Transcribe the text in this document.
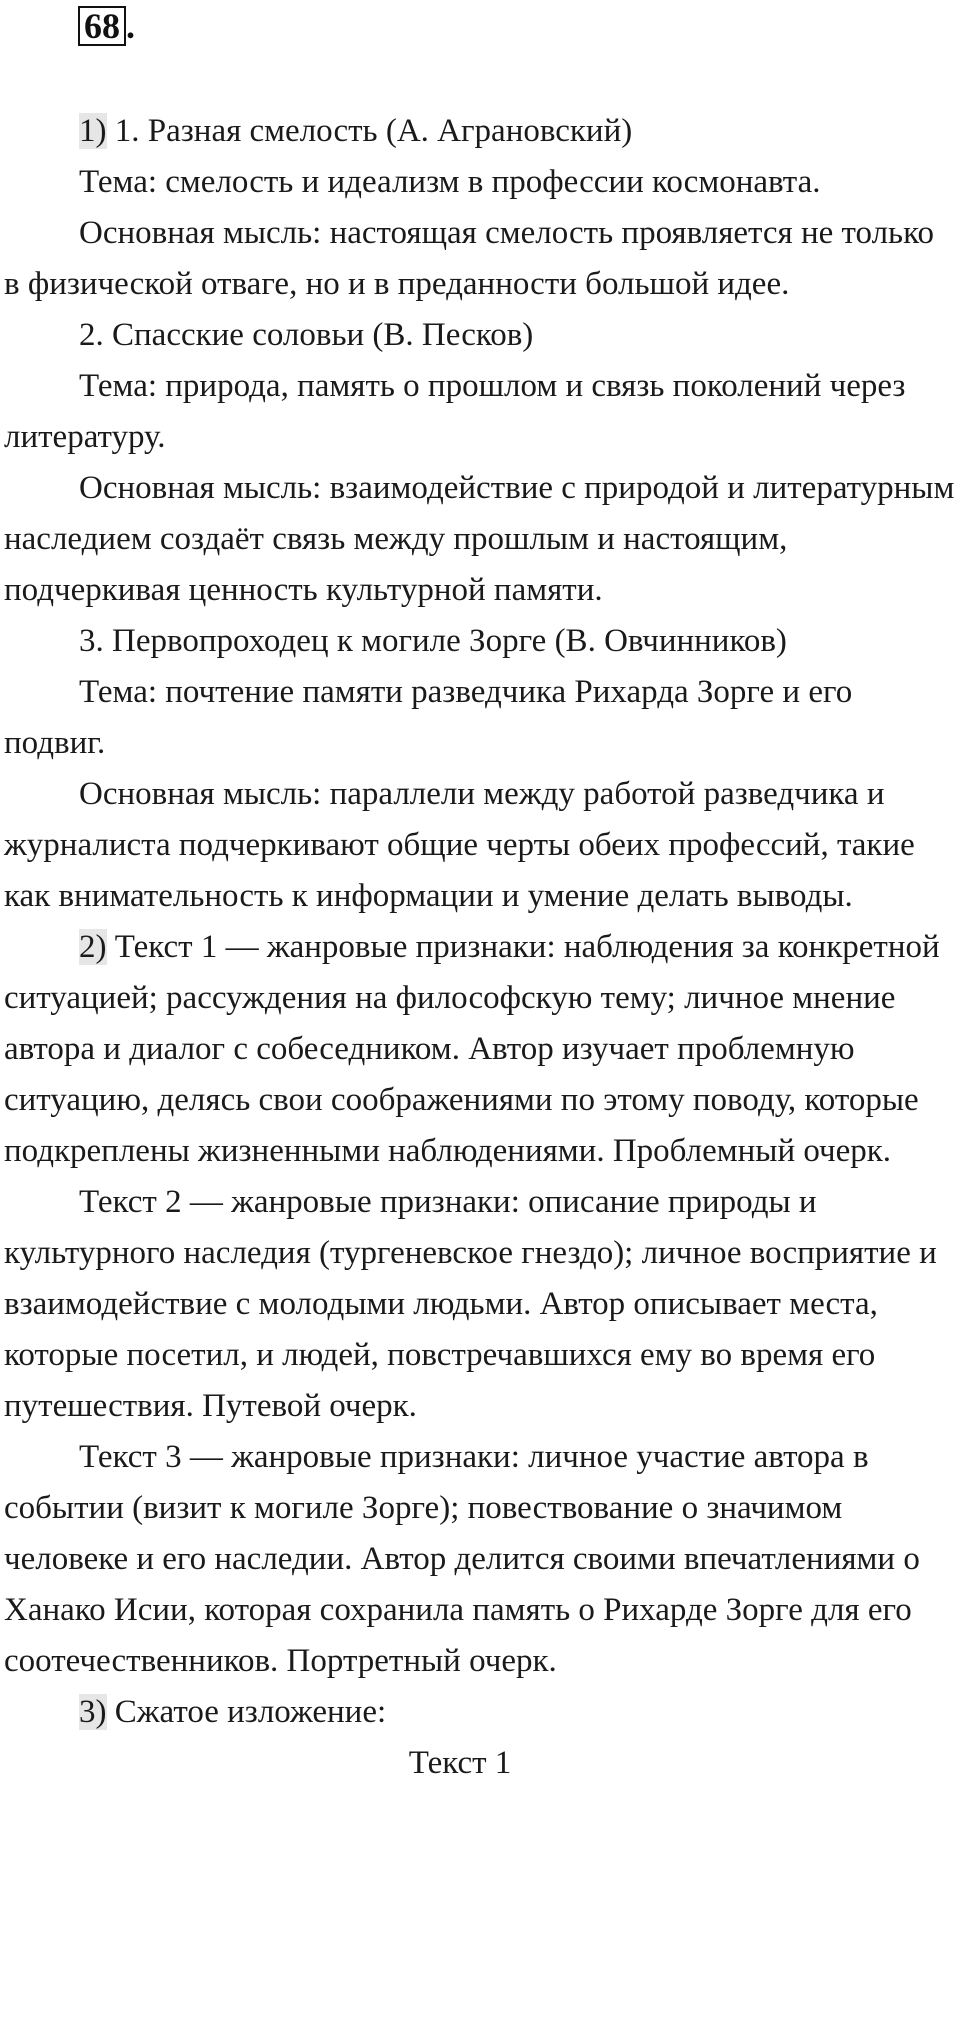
68 .

1) 1. Разная смелость (А. Аграновский)

Тема: смелость и идеализм в профессии космонавта.

Основная мысль: настоящая смелость проявляется не только в физической отваге, но и в преданности большой идее.

2. Спасские соловьи (В. Песков)

Тема: природа, память о прошлом и связь поколений через литературу.

Основная мысль: взаимодействие с природой и литературным наследием создаёт связь между прошлым и настоящим, подчеркивая ценность культурной памяти.

3. Первопроходец к могиле Зорге (В. Овчинников)

Тема: почтение памяти разведчика Рихарда Зорге и его подвиг.

Основная мысль: параллели между работой разведчика и журналиста подчеркивают общие черты обеих профессий, такие как внимательность к информации и умение делать выводы.

2) Текст 1 — жанровые признаки: наблюдения за конкретной ситуацией; рассуждения на философскую тему; личное мнение автора и диалог с собеседником. Автор изучает проблемную ситуацию, делясь свои соображениями по этому поводу, которые подкреплены жизненными наблюдениями. Проблемный очерк.

Текст 2 — жанровые признаки: описание природы и культурного наследия (тургеневское гнездо); личное восприятие и взаимодействие с молодыми людьми. Автор описывает места, которые посетил, и людей, повстречавшихся ему во время его путешествия. Путевой очерк.

Текст 3 — жанровые признаки: личное участие автора в событии (визит к могиле Зорге); повествование о значимом человеке и его наследии. Автор делится своими впечатлениями о Ханако Исии, которая сохранила память о Рихарде Зорге для его соотечественников. Портретный очерк.

3) Сжатое изложение:

Текст 1
